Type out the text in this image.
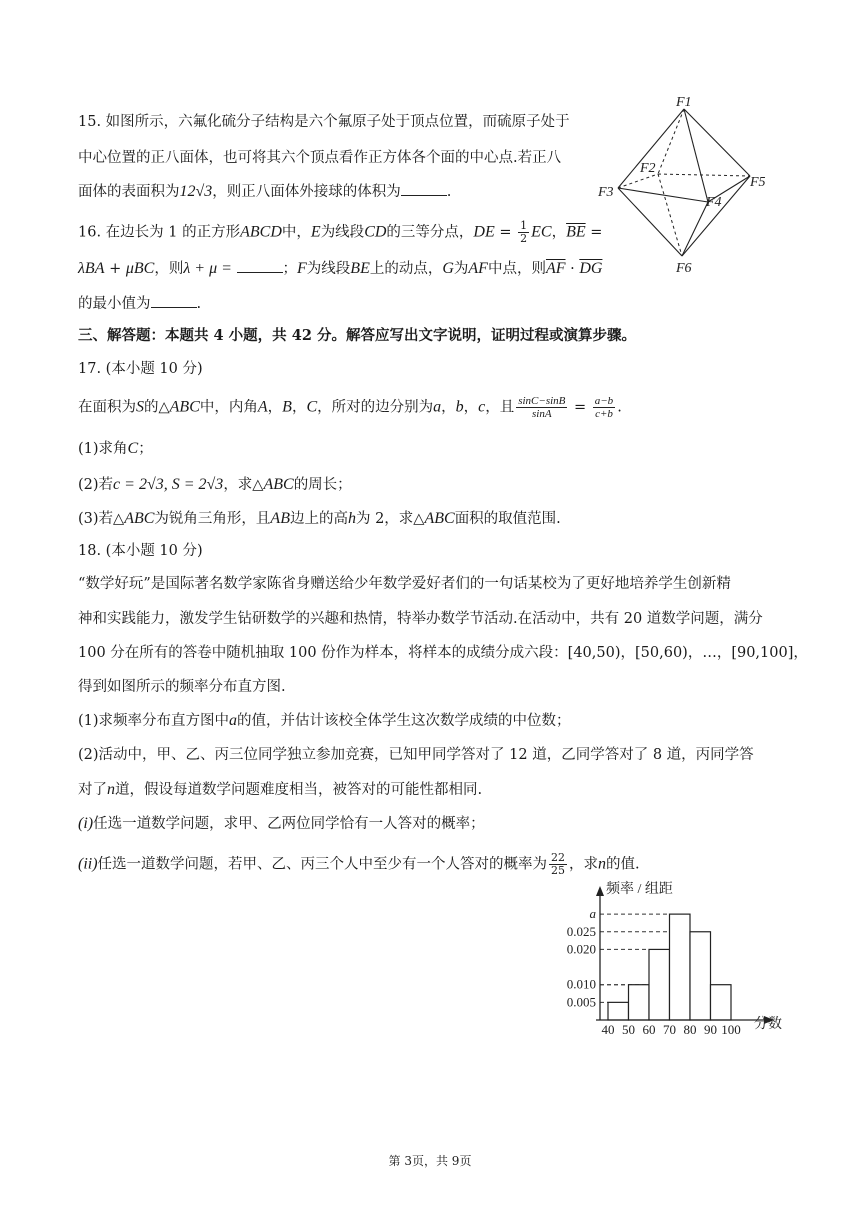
15. 如图所示，六氟化硫分子结构是六个氟原子处于顶点位置，而硫原子处于
中心位置的正八面体，也可将其六个顶点看作正方体各个面的中心点.若正八
面体的表面积为12√3，则正八面体外接球的体积为	.
16. 在边长为 1 的正方形ABCD中，E为线段CD的三等分点，DE = $\frac{1}{2}$ EC，$\overline{BE}$ =
λBA + μBC，则λ + μ =	；F为线段BE上的动点，G为AF中点，则$\overline{AF} \cdot \overline{DG}$
的最小值为	.
三、解答题：本题共 4 小题，共 42 分。解答应写出文字说明，证明过程或演算步骤。
17. (本小题 10 分)
在面积为S的△ABC中，内角A，B，C，所对的边分别为a，b，c，且 $\frac{\sin C-\sin B}{\sin A} = \frac{a-b}{c+b}$ .
(1)求角C；
(2)若c = 2√3, S = 2√3，求△ABC的周长；
(3)若△ABC为锐角三角形，且AB边上的高h为 2，求△ABC面积的取值范围.
18. (本小题 10 分)
“数学好玩”是国际著名数学家陈省身赠送给少年数学爱好者们的一句话某校为了更好地培养学生创新精
神和实践能力，激发学生钻研数学的兴趣和热情，特举办数学节活动.在活动中，共有 20 道数学问题，满分
100 分在所有的答卷中随机抽取 100 份作为样本，将样本的成绩分成六段：[40,50)，[50,60)，…，[90,100]，
得到如图所示的频率分布直方图.
(1)求频率分布直方图中a的值，并估计该校全体学生这次数学成绩的中位数；
(2)活动中，甲、乙、丙三位同学独立参加竞赛，已知甲同学答对了 12 道，乙同学答对了 8 道，丙同学答
对了n道，假设每道数学问题难度相当，被答对的可能性都相同.
(i)任选一道数学问题，求甲、乙两位同学恰有一人答对的概率；
(ii)任选一道数学问题，若甲、乙、丙三个人中至少有一个人答对的概率为 $\frac{22}{25}$ ，求n的值.
F1
F2
F3
F4
F5
F6
a
0.025
0.020
0.010
0.005
40 50 60 70 80 90 100
频率 / 组距
分数
第 3页，共 9页
